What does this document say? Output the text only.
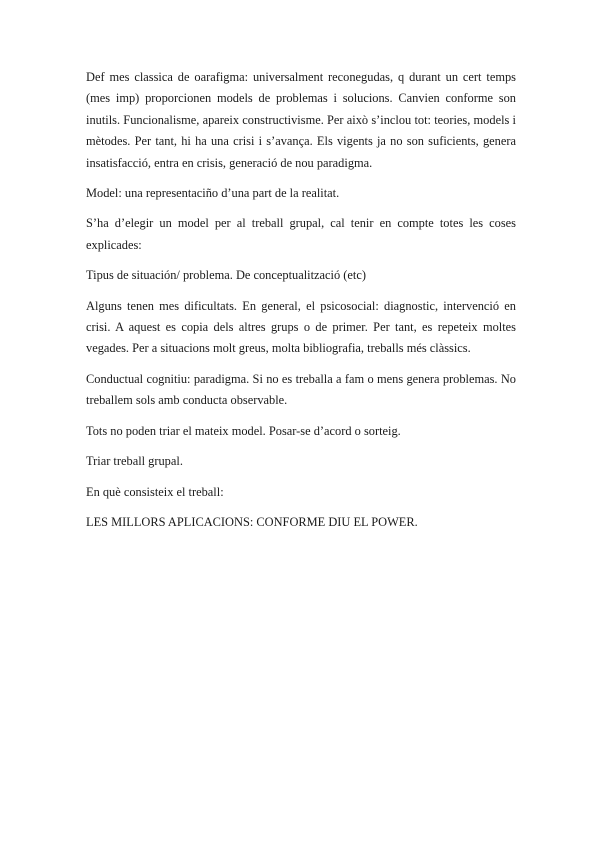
Def mes classica de oarafigma: universalment reconegudas, q durant un cert temps (mes imp) proporcionen models de problemas i solucions. Canvien conforme son inutils. Funcionalisme, apareix constructivisme. Per això s’inclou tot: teories, models i mètodes. Per tant, hi ha una crisi i s’avança. Els vigents ja no son suficients, genera insatisfacció, entra en crisis, generació de nou paradigma.

Model: una representaciño d’una part de la realitat.

S’ha d’elegir un model per al treball grupal, cal tenir en compte totes les coses explicades:

Tipus de situación/ problema. De conceptualització (etc)

Alguns tenen mes dificultats. En general, el psicosocial: diagnostic, intervenció en crisi. A aquest es copia dels altres grups o de primer. Per tant, es repeteix moltes vegades. Per a situacions molt greus, molta bibliografia, treballs més clàssics.

Conductual cognitiu: paradigma. Si no es treballa a fam o mens genera problemas. No treballem sols amb conducta observable.

Tots no poden triar el mateix model. Posar-se d’acord o sorteig.

Triar treball grupal.

En què consisteix el treball:

LES MILLORS APLICACIONS: CONFORME DIU EL POWER.
